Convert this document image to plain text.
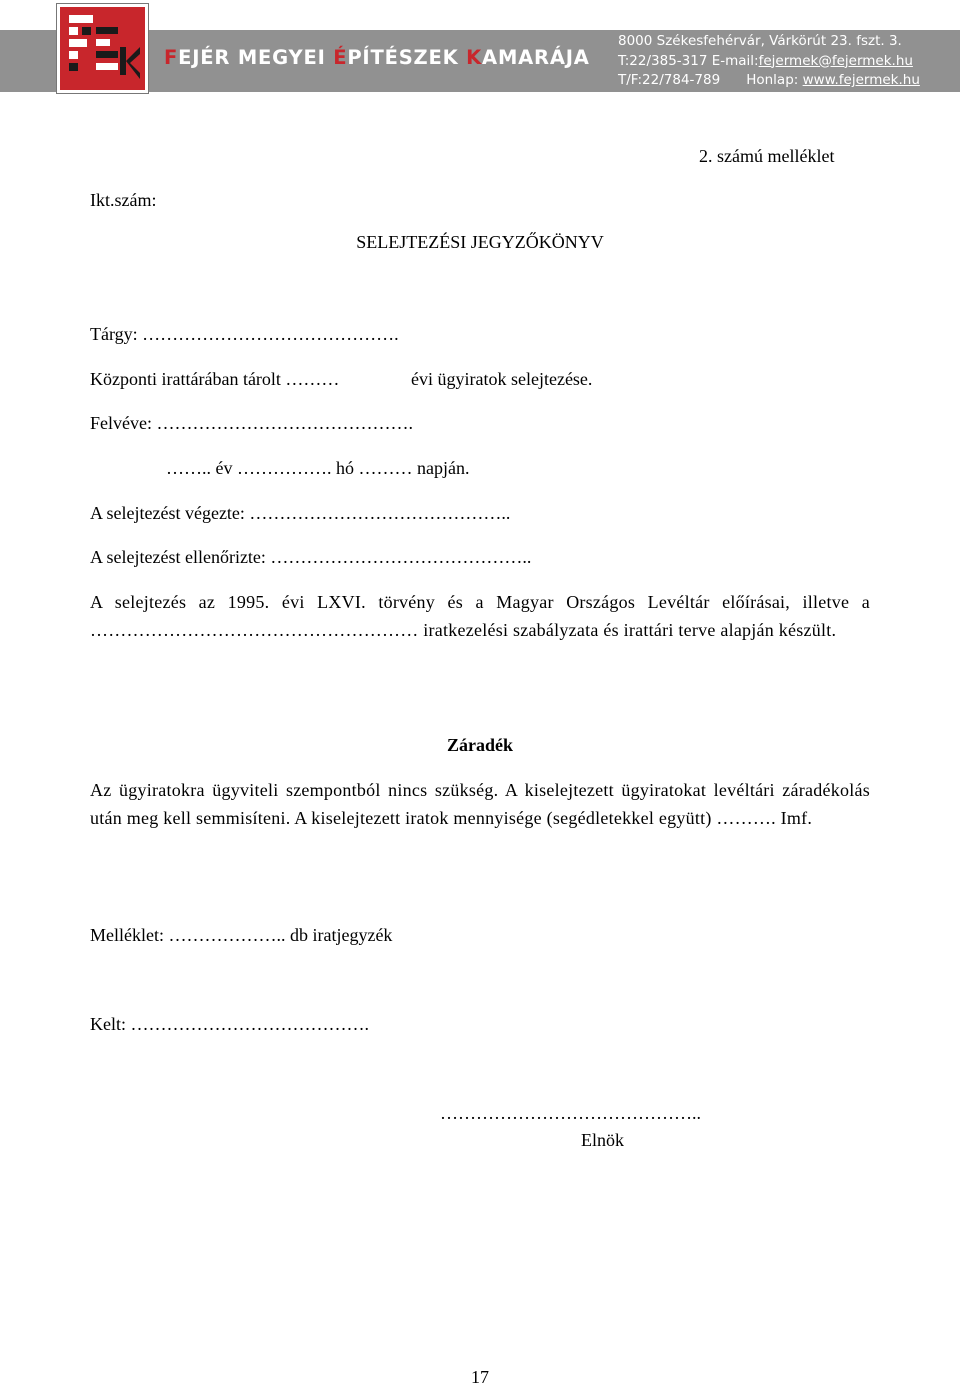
FEJÉR MEGYEI ÉPÍTÉSZEK KAMARÁJA
8000 Székesfehérvár, Várkörút 23. fszt. 3.
T:22/385-317 E-mail:fejermek@fejermek.hu
T/F:22/784-789 Honlap: www.fejermek.hu
2. számú melléklet
Ikt.szám:
SELEJTEZÉSI JEGYZŐKÖNYV
Tárgy: …………………………………….
Központi irattárában tárolt ………	évi ügyiratok selejtezése.
Felvéve: …………………………………….
…….. év ……………. hó ……… napján.
A selejtezést végezte: ……………………………………..
A selejtezést ellenőrizte: ……………………………………..
A selejtezés az 1995. évi LXVI. törvény és a Magyar Országos Levéltár előírásai, illetve a ……………………………………………… iratkezelési szabályzata és irattári terve alapján készült.
Záradék
Az ügyiratokra ügyviteli szempontból nincs szükség. A kiselejtezett ügyiratokat levéltári záradékolás után meg kell semmisíteni. A kiselejtezett iratok mennyisége (segédletekkel együtt) ………. Imf.
Melléklet: ……………….. db iratjegyzék
Kelt: ………………………………….
……………………………………..
Elnök
17
